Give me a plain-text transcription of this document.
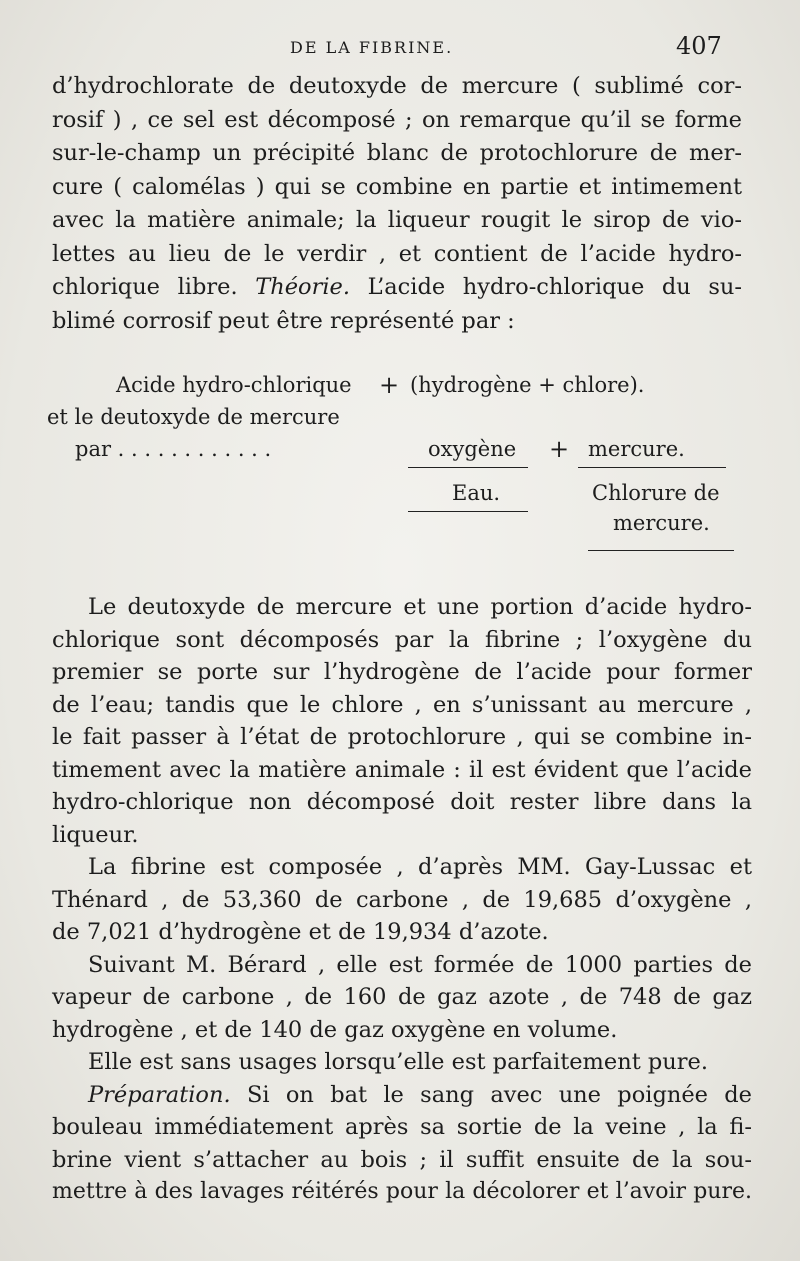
DE LA FIBRINE.	407
d’hydrochlorate de deutoxyde de mercure ( sublimé cor-
rosif ) , ce sel est décomposé ; on remarque qu’il se forme
sur-le-champ un précipité blanc de protochlorure de mer-
cure ( calomélas ) qui se combine en partie et intimement
avec la matière animale; la liqueur rougit le sirop de vio-
lettes au lieu de le verdir , et contient de l’acide hydro-
chlorique libre. Théorie. L’acide hydro-chlorique du su-
blimé corrosif peut être représenté par :
Acide hydro-chlorique + (hydrogène + chlore).
et le deutoxyde de mercure
par . . . . . . . . . . . .	oxygène + mercure.
Eau.	Chlorure de
mercure.
Le deutoxyde de mercure et une portion d’acide hydro-
chlorique sont décomposés par la fibrine ; l’oxygène du
premier se porte sur l’hydrogène de l’acide pour former
de l’eau; tandis que le chlore , en s’unissant au mercure ,
le fait passer à l’état de protochlorure , qui se combine in-
timement avec la matière animale : il est évident que l’acide
hydro-chlorique non décomposé doit rester libre dans la
liqueur.
La fibrine est composée , d’après MM. Gay-Lussac et
Thénard , de 53,360 de carbone , de 19,685 d’oxygène ,
de 7,021 d’hydrogène et de 19,934 d’azote.
Suivant M. Bérard , elle est formée de 1000 parties de
vapeur de carbone , de 160 de gaz azote , de 748 de gaz
hydrogène , et de 140 de gaz oxygène en volume.
Elle est sans usages lorsqu’elle est parfaitement pure.
Préparation. Si on bat le sang avec une poignée de
bouleau immédiatement après sa sortie de la veine , la fi-
brine vient s’attacher au bois ; il suffit ensuite de la sou-
mettre à des lavages réitérés pour la décolorer et l’avoir pure.
